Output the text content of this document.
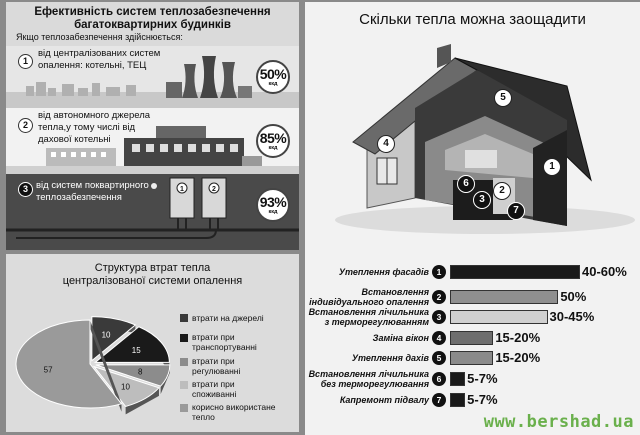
Ефективність систем теплозабезпечення
багатоквартирних будинків
Якщо теплозабезпечення здійснюється:
1
від централізованих систем
опалення: котельні, ТЕЦ
50%
ккд
2
від автономного джерела
тепла,у тому числі від
дахової котельні	85%
ккд
1	2
3 від систем поквартирного
теплозабезпечення	93%
ккд
Структура втрат тепла
централізованої системи опалення
10
15
8
10
57
втрати на джерелі
втрати при
транспортуванні
втрати при
регулюванні
втрати при
споживанні
корисно використане
тепло
Скільки тепла можна заощадити
5
4
1
6
2
3
7
Утеплення фасадів 1	40-60%
Встановлення
індивідуального опалення 2	50%
Встановлення лічильника
з терморегулюванням 3	30-45%
Заміна вікон 4	15-20%
Утеплення дахів 5	15-20%
Встановлення лічильника
без терморегулювання 6	5-7%
Капремонт підвалу 7	5-7%
www.bershad.ua
